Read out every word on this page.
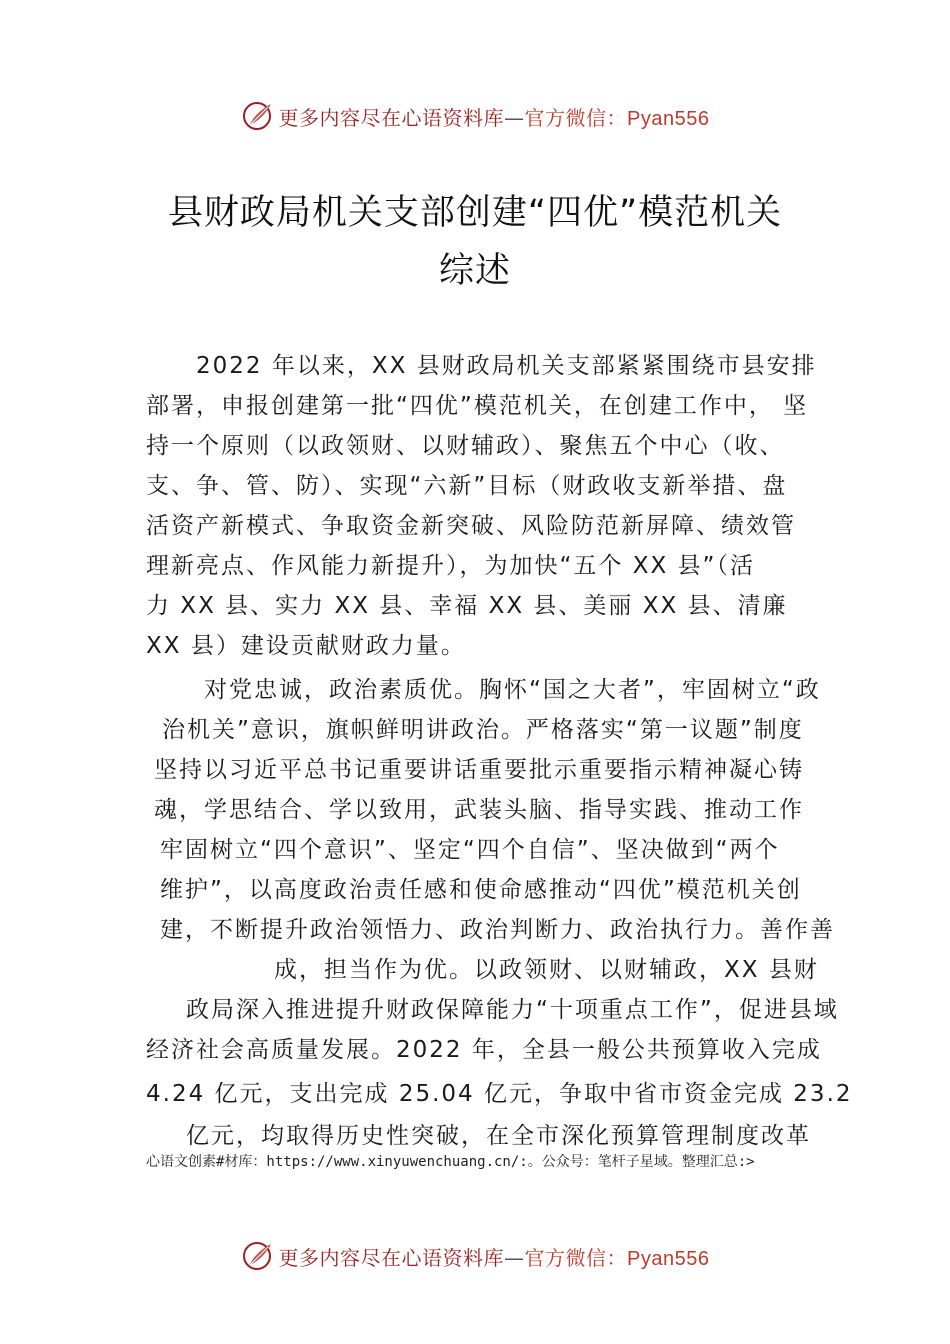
更多内容尽在心语资料库—官方微信：Pyan556
县财政局机关支部创建“四优”模范机关
综述
2022 年以来，XX 县财政局机关支部紧紧围绕市县安排
部署，申报创建第一批“四优”模范机关，在创建工作中， 坚
持一个原则（以政领财、以财辅政）、聚焦五个中心（收、
支、争、管、防）、实现“六新”目标（财政收支新举措、盘
活资产新模式、争取资金新突破、风险防范新屏障、绩效管
理新亮点、作风能力新提升），为加快“五个 XX 县”（活
力 XX 县、实力 XX 县、幸福 XX 县、美丽 XX 县、清廉
XX 县）建设贡献财政力量。
对党忠诚，政治素质优。胸怀“国之大者”，牢固树立“政
治机关”意识，旗帜鲜明讲政治。严格落实“第一议题”制度
坚持以习近平总书记重要讲话重要批示重要指示精神凝心铸
魂，学思结合、学以致用，武装头脑、指导实践、推动工作
牢固树立“四个意识”、坚定“四个自信”、坚决做到“两个
维护”，以高度政治责任感和使命感推动“四优”模范机关创
建，不断提升政治领悟力、政治判断力、政治执行力。善作善
成，担当作为优。以政领财、以财辅政，XX 县财
政局深入推进提升财政保障能力“十项重点工作”，促进县域
经济社会高质量发展。2022 年，全县一般公共预算收入完成
4.24 亿元，支出完成 25.04 亿元，争取中省市资金完成 23.2
亿元，均取得历史性突破，在全市深化预算管理制度改革
心语文创素#材库：https://www.xinyuwenchuang.cn/:。公众号：笔杆子星域。整理汇总:>
更多内容尽在心语资料库—官方微信：Pyan556
